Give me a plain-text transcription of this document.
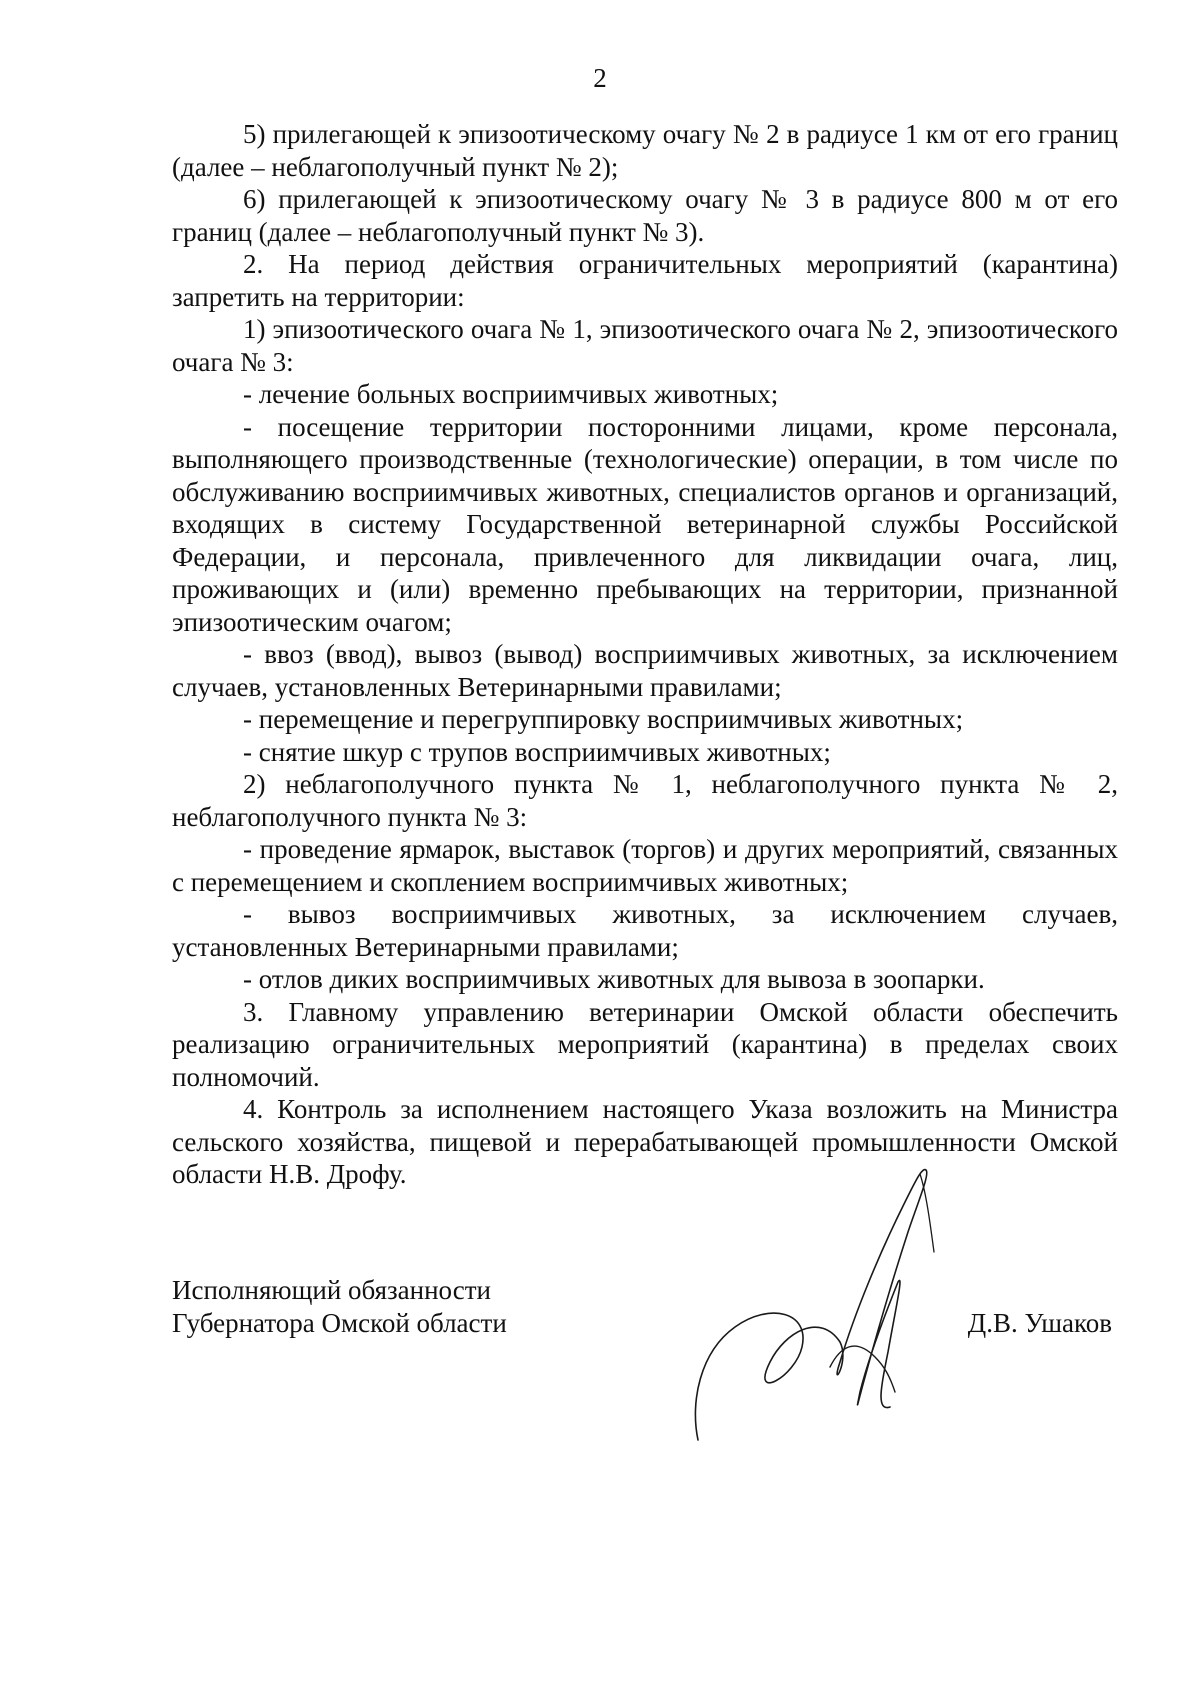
2

5) прилегающей к эпизоотическому очагу № 2 в радиусе 1 км от его границ (далее – неблагополучный пункт № 2);

6) прилегающей к эпизоотическому очагу № 3 в радиусе 800 м от его границ (далее – неблагополучный пункт № 3).

2. На период действия ограничительных мероприятий (карантина) запретить на территории:

1) эпизоотического очага № 1, эпизоотического очага № 2, эпизоотического очага № 3:

- лечение больных восприимчивых животных;

- посещение территории посторонними лицами, кроме персонала, выполняющего производственные (технологические) операции, в том числе по обслуживанию восприимчивых животных, специалистов органов и организаций, входящих в систему Государственной ветеринарной службы Российской Федерации, и персонала, привлеченного для ликвидации очага, лиц, проживающих и (или) временно пребывающих на территории, признанной эпизоотическим очагом;

- ввоз (ввод), вывоз (вывод) восприимчивых животных, за исключением случаев, установленных Ветеринарными правилами;

- перемещение и перегруппировку восприимчивых животных;

- снятие шкур с трупов восприимчивых животных;

2) неблагополучного пункта № 1, неблагополучного пункта № 2, неблагополучного пункта № 3:

- проведение ярмарок, выставок (торгов) и других мероприятий, связанных с перемещением и скоплением восприимчивых животных;

- вывоз восприимчивых животных, за исключением случаев, установленных Ветеринарными правилами;

- отлов диких восприимчивых животных для вывоза в зоопарки.

3. Главному управлению ветеринарии Омской области обеспечить реализацию ограничительных мероприятий (карантина) в пределах своих полномочий.

4. Контроль за исполнением настоящего Указа возложить на Министра сельского хозяйства, пищевой и перерабатывающей промышленности Омской области Н.В. Дрофу.

Исполняющий обязанности
Губернатора Омской области	Д.В. Ушаков
